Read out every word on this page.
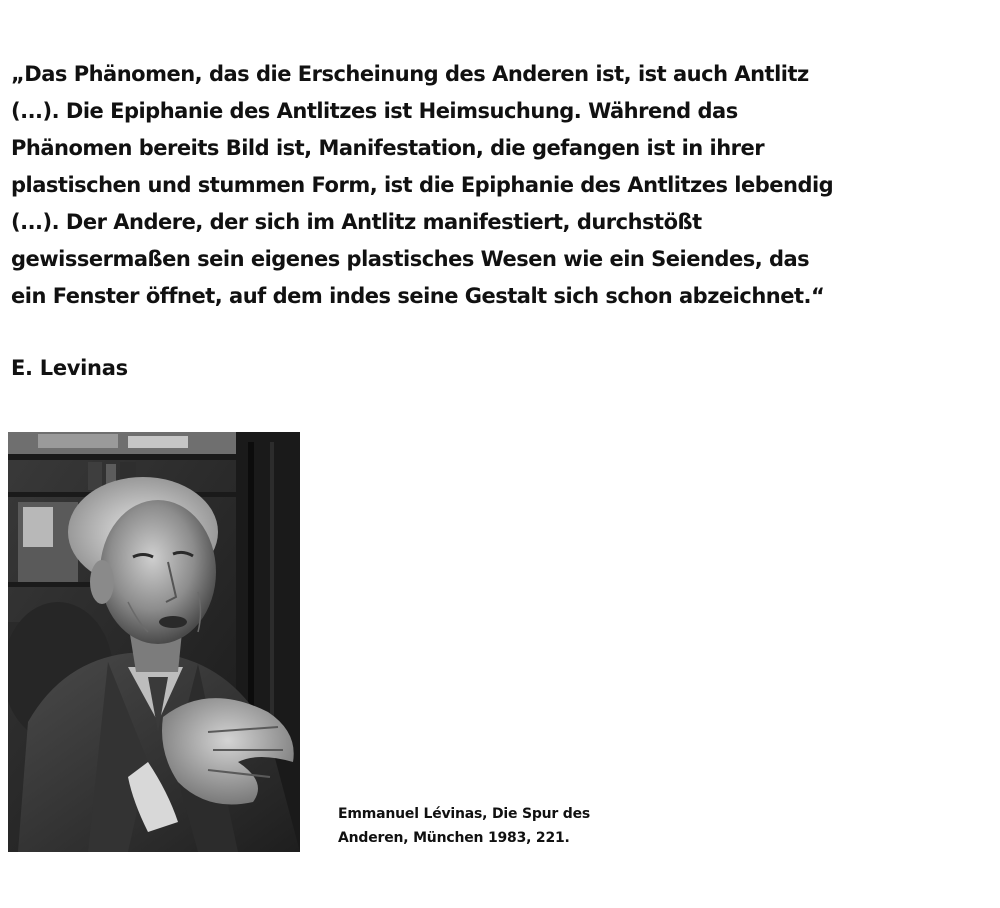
„Das Phänomen, das die Erscheinung des Anderen ist, ist auch Antlitz
(...). Die Epiphanie des Antlitzes ist Heimsuchung. Während das
Phänomen bereits Bild ist, Manifestation, die gefangen ist in ihrer
plastischen und stummen Form, ist die Epiphanie des Antlitzes lebendig
(...). Der Andere, der sich im Antlitz manifestiert, durchstößt
gewissermaßen sein eigenes plastisches Wesen wie ein Seiendes, das
ein Fenster öffnet, auf dem indes seine Gestalt sich schon abzeichnet.“
E. Levinas
Emmanuel Lévinas, Die Spur des
Anderen, München 1983, 221.
